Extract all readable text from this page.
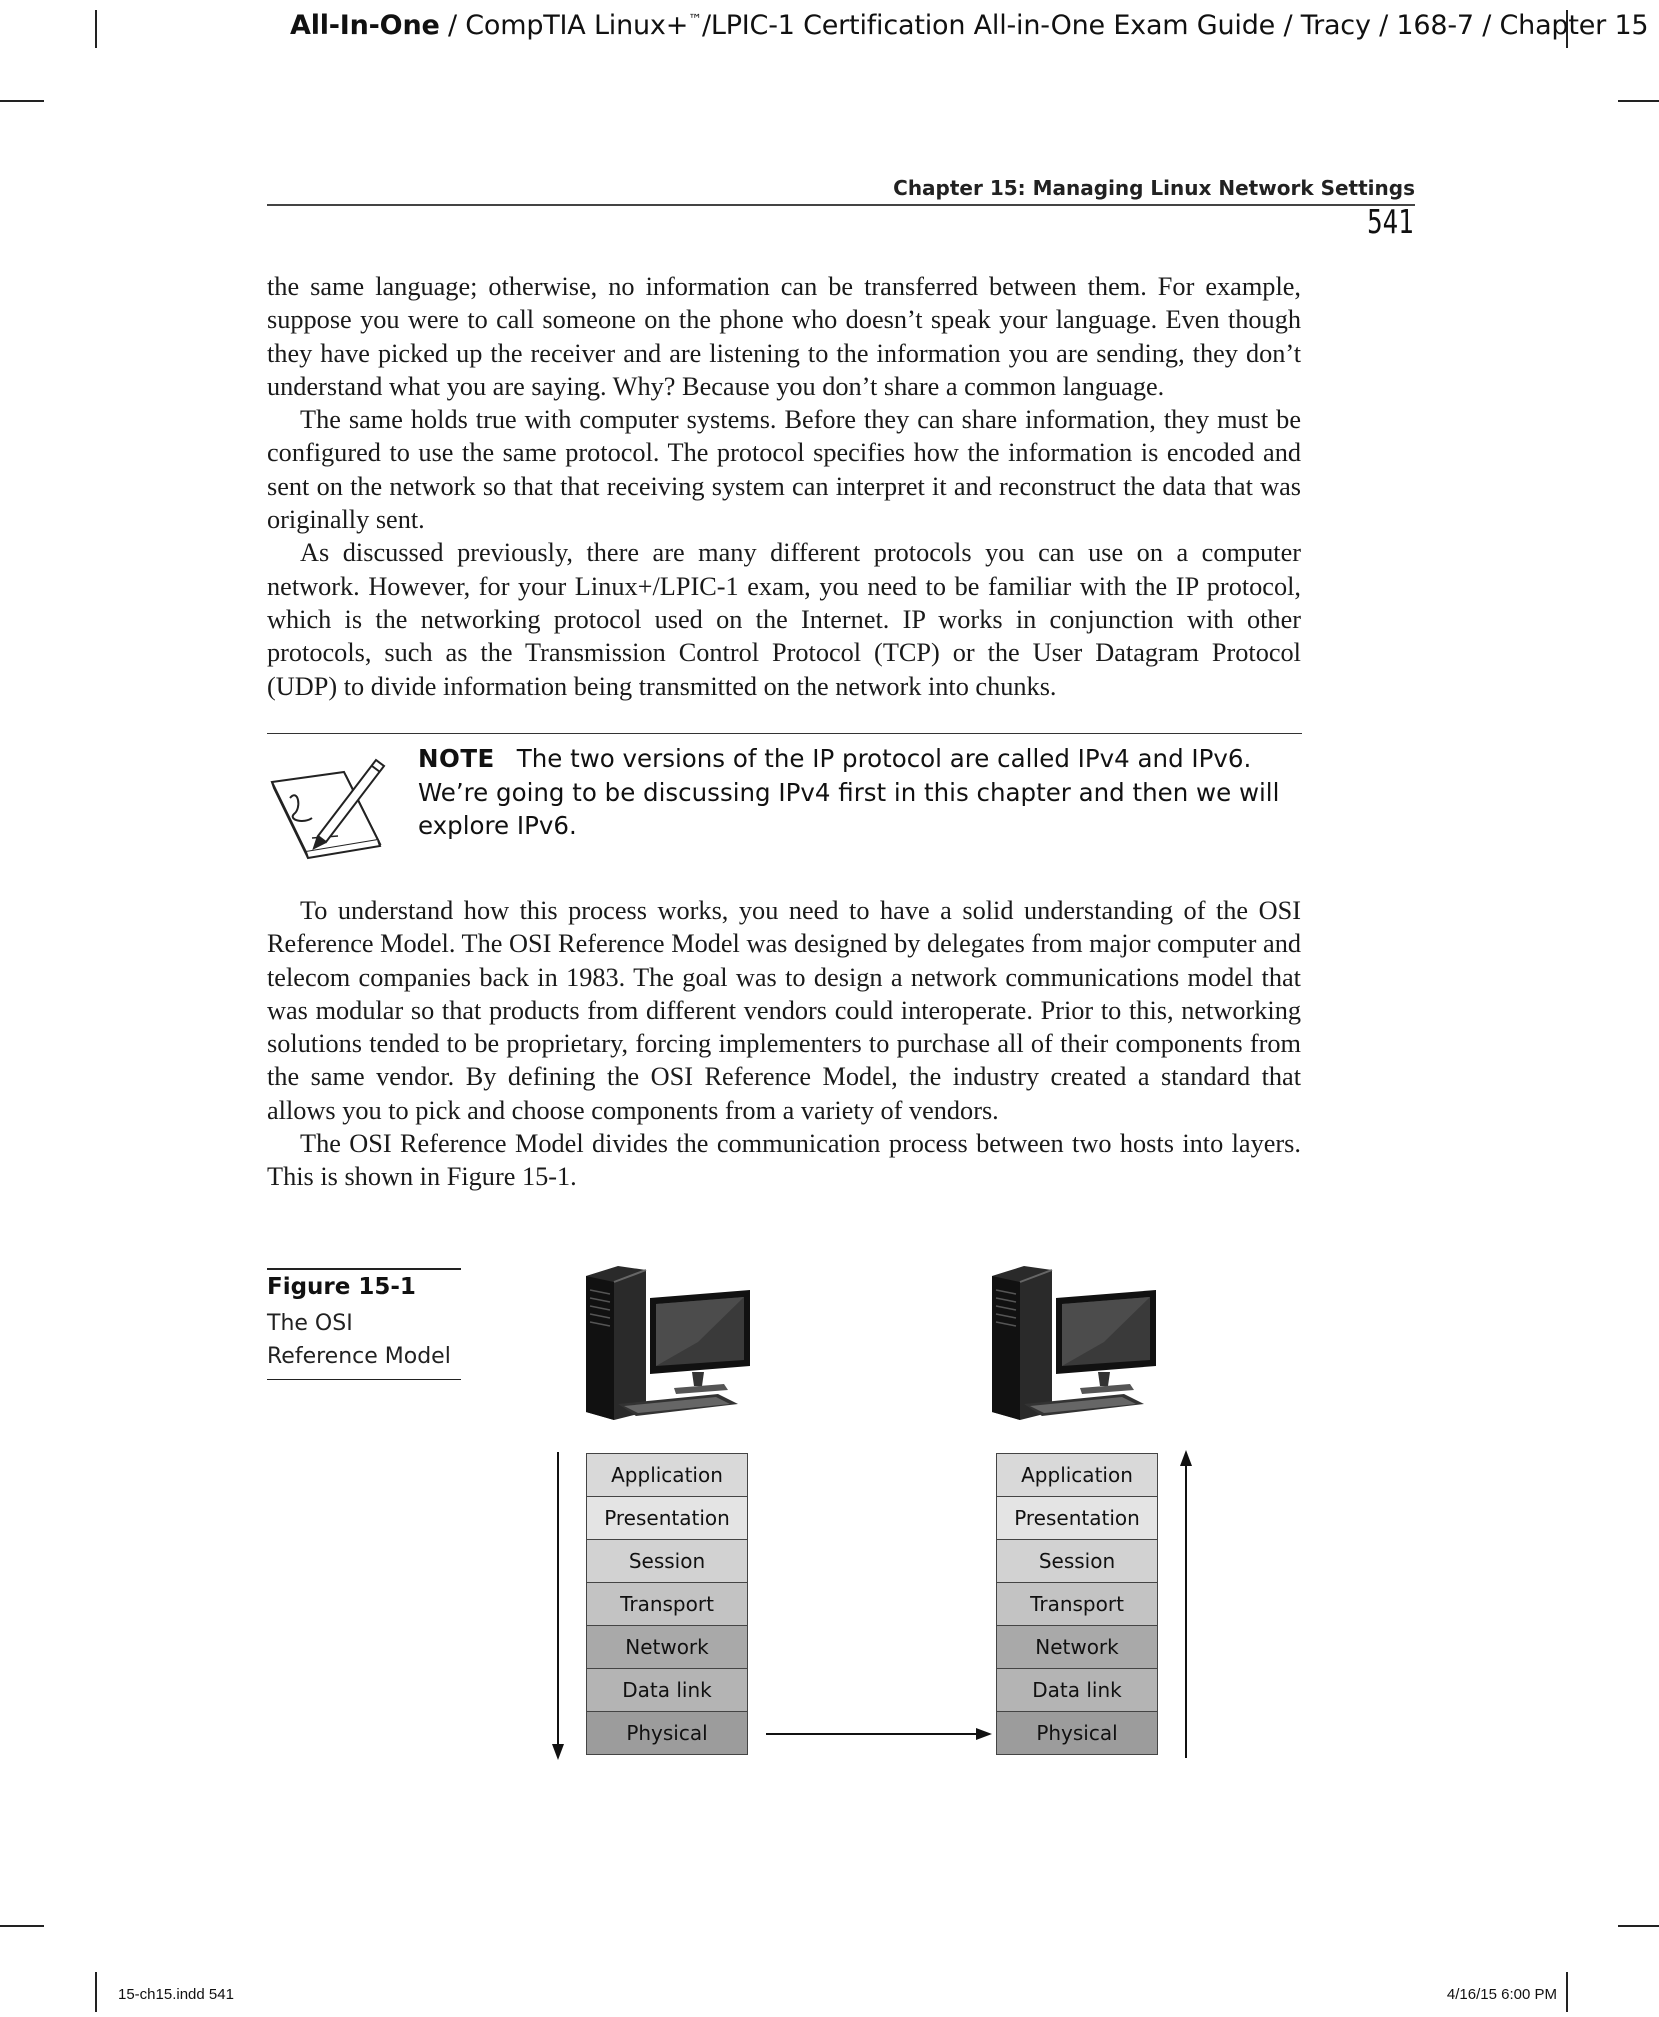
All-In-One / CompTIA Linux+™/LPIC-1 Certification All-in-One Exam Guide / Tracy / 168-7 / Chapter 15
Chapter 15: Managing Linux Network Settings
541

the same language; otherwise, no information can be transferred between them. For example, suppose you were to call someone on the phone who doesn’t speak your language. Even though they have picked up the receiver and are listening to the information you are sending, they don’t understand what you are saying. Why? Because you don’t share a common language.

The same holds true with computer systems. Before they can share information, they must be configured to use the same protocol. The protocol specifies how the information is encoded and sent on the network so that that receiving system can interpret it and reconstruct the data that was originally sent.

As discussed previously, there are many different protocols you can use on a computer network. However, for your Linux+/LPIC-1 exam, you need to be familiar with the IP protocol, which is the networking protocol used on the Internet. IP works in conjunction with other protocols, such as the Transmission Control Protocol (TCP) or the User Datagram Protocol (UDP) to divide information being transmitted on the network into chunks.

NOTE The two versions of the IP protocol are called IPv4 and IPv6. We’re going to be discussing IPv4 first in this chapter and then we will explore IPv6.

To understand how this process works, you need to have a solid understanding of the OSI Reference Model. The OSI Reference Model was designed by delegates from major computer and telecom companies back in 1983. The goal was to design a network communications model that was modular so that products from different vendors could interoperate. Prior to this, networking solutions tended to be proprietary, forcing implementers to purchase all of their components from the same vendor. By defining the OSI Reference Model, the industry created a standard that allows you to pick and choose components from a variety of vendors.

The OSI Reference Model divides the communication process between two hosts into layers. This is shown in Figure 15-1.

Figure 15-1
The OSI Reference Model
Application
Presentation
Session
Transport
Network
Data link
Physical
Application
Presentation
Session
Transport
Network
Data link
Physical
15-ch15.indd 541	4/16/15 6:00 PM
